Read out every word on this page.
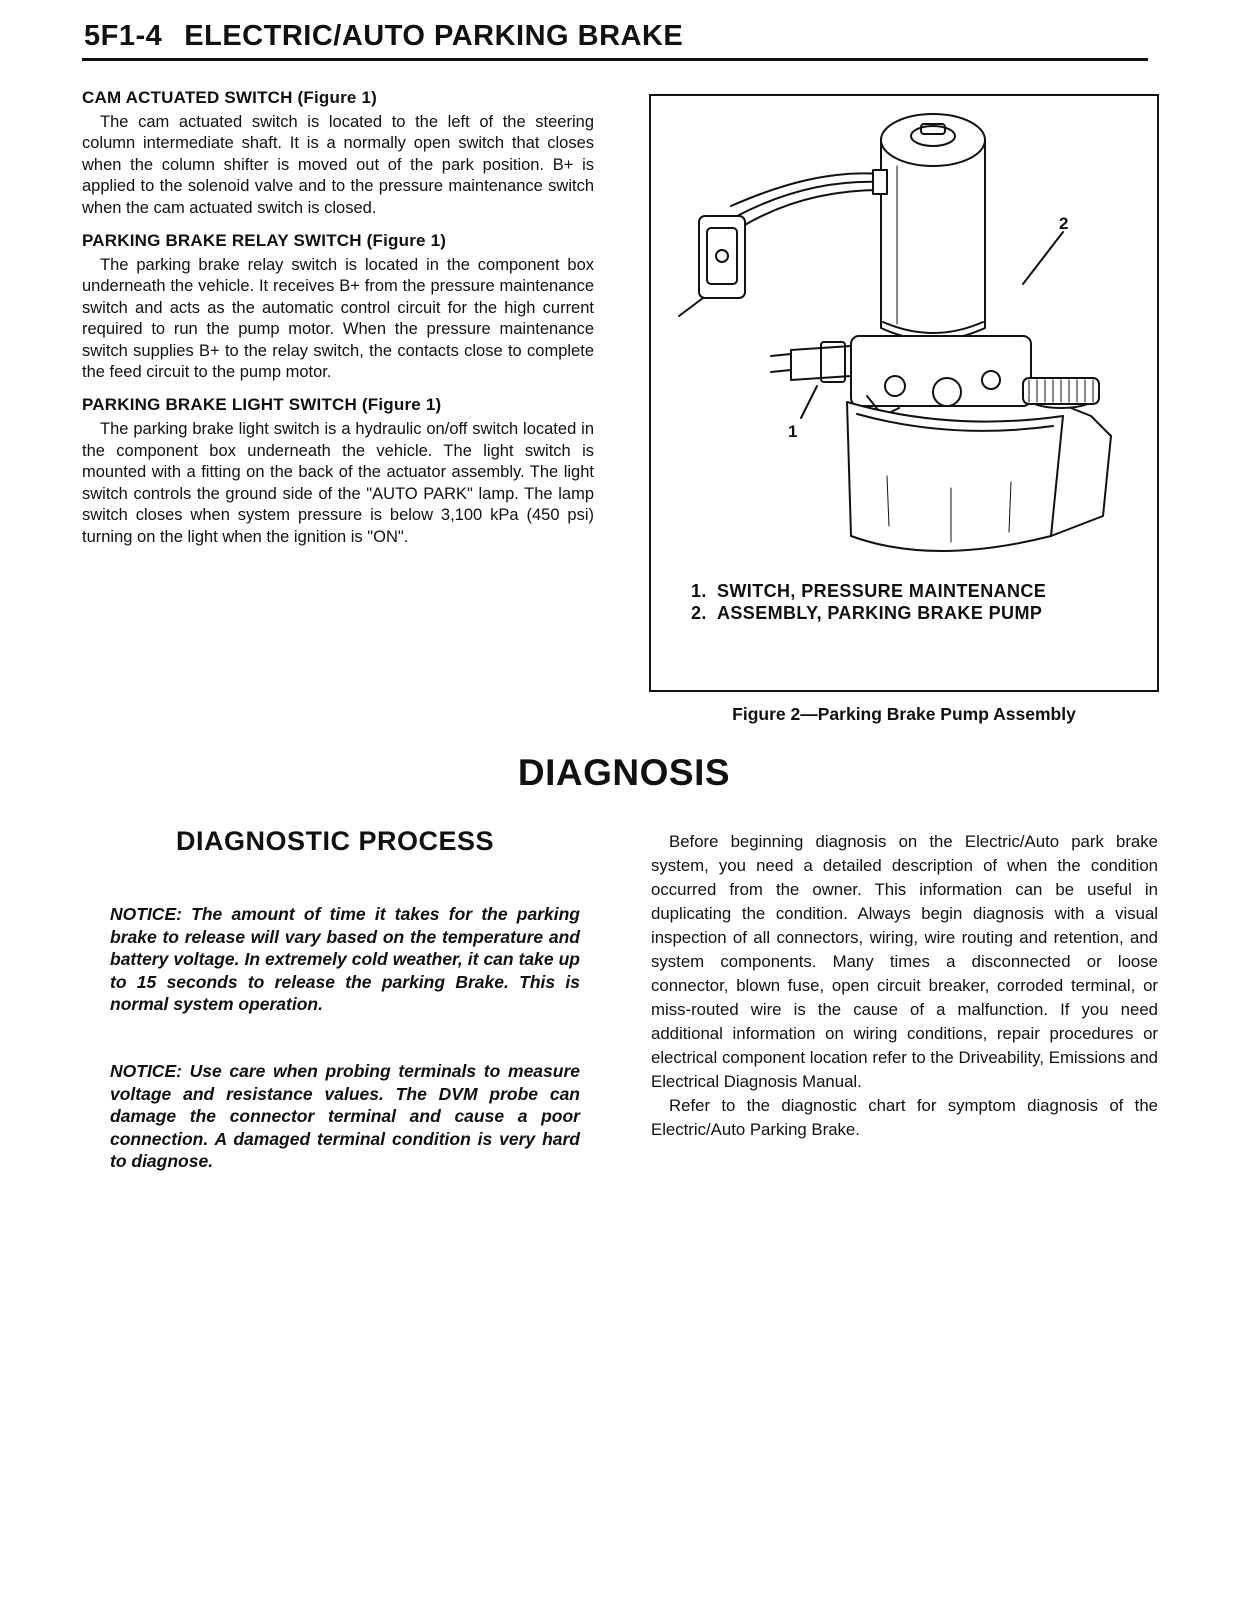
5F1-4 ELECTRIC/AUTO PARKING BRAKE
CAM ACTUATED SWITCH (Figure 1)

The cam actuated switch is located to the left of the steering column intermediate shaft. It is a normally open switch that closes when the column shifter is moved out of the park position. B+ is applied to the solenoid valve and to the pressure maintenance switch when the cam actuated switch is closed.

PARKING BRAKE RELAY SWITCH (Figure 1)

The parking brake relay switch is located in the component box underneath the vehicle. It receives B+ from the pressure maintenance switch and acts as the automatic control circuit for the high current required to run the pump motor. When the pressure maintenance switch supplies B+ to the relay switch, the contacts close to complete the feed circuit to the pump motor.

PARKING BRAKE LIGHT SWITCH (Figure 1)

The parking brake light switch is a hydraulic on/off switch located in the component box underneath the vehicle. The light switch is mounted with a fitting on the back of the actuator assembly. The light switch controls the ground side of the "AUTO PARK" lamp. The lamp switch closes when system pressure is below 3,100 kPa (450 psi) turning on the light when the ignition is "ON".

1
2
1. SWITCH, PRESSURE MAINTENANCE
2. ASSEMBLY, PARKING BRAKE PUMP
Figure 2—Parking Brake Pump Assembly
DIAGNOSIS
DIAGNOSTIC PROCESS

NOTICE: The amount of time it takes for the parking brake to release will vary based on the temperature and battery voltage. In extremely cold weather, it can take up to 15 seconds to release the parking Brake. This is normal system operation.

NOTICE: Use care when probing terminals to measure voltage and resistance values. The DVM probe can damage the connector terminal and cause a poor connection. A damaged terminal condition is very hard to diagnose.

Before beginning diagnosis on the Electric/Auto park brake system, you need a detailed description of when the condition occurred from the owner. This information can be useful in duplicating the condition. Always begin diagnosis with a visual inspection of all connectors, wiring, wire routing and retention, and system components. Many times a disconnected or loose connector, blown fuse, open circuit breaker, corroded terminal, or miss-routed wire is the cause of a malfunction. If you need additional information on wiring conditions, repair procedures or electrical component location refer to the Driveability, Emissions and Electrical Diagnosis Manual.

Refer to the diagnostic chart for symptom diagnosis of the Electric/Auto Parking Brake.
